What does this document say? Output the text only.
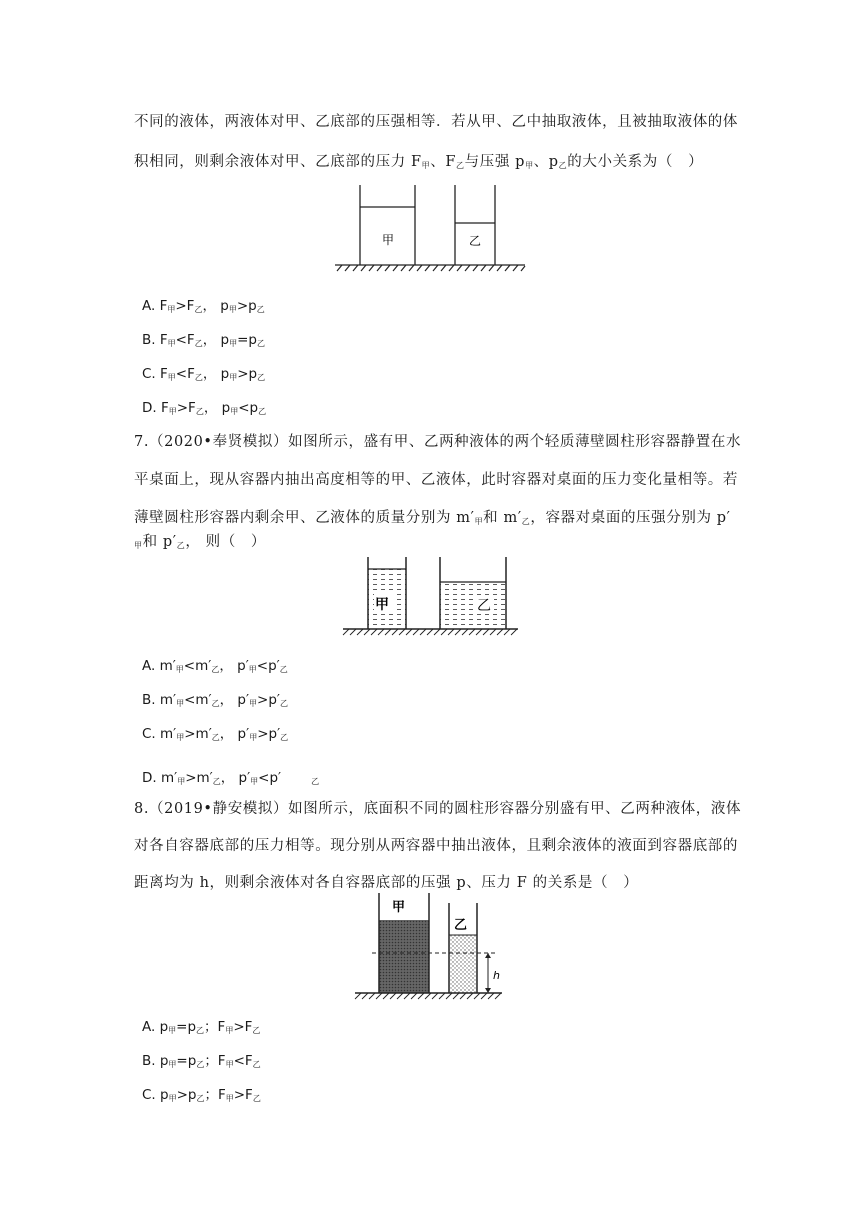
不同的液体，两液体对甲、乙底部的压强相等．若从甲、乙中抽取液体，且被抽取液体的体
积相同，则剩余液体对甲、乙底部的压力 $F_甲$、$F_乙$与压强 $p_甲$、$p_乙$的大小关系为（　）
甲	乙
A. $F_甲>F_乙$， $p_甲>p_乙$
B. $F_甲<F_乙$， $p_甲=p_乙$
C. $F_甲<F_乙$， $p_甲>p_乙$
D. $F_甲>F_乙$， $p_甲<p_乙$
7.（2020•奉贤模拟）如图所示，盛有甲、乙两种液体的两个轻质薄壁圆柱形容器静置在水
平桌面上，现从容器内抽出高度相等的甲、乙液体，此时容器对桌面的压力变化量相等。若
薄壁圆柱形容器内剩余甲、乙液体的质量分别为 $m'_甲$和 $m'_乙$，容器对桌面的压强分别为 p′
$_甲$和 $p'_乙$， 则（　）
甲	乙
A. $m'_甲<m'_乙$， $p'_甲<p'_乙$
B. $m'_甲<m'_乙$， $p'_甲>p'_乙$
C. $m'_甲>m'_乙$， $p'_甲>p'_乙$
D. $m'_甲>m'_乙$， $p'_甲<p'$	$_乙$
8.（2019•静安模拟）如图所示，底面积不同的圆柱形容器分别盛有甲、乙两种液体，液体
对各自容器底部的压力相等。现分别从两容器中抽出液体，且剩余液体的液面到容器底部的
距离均为 h，则剩余液体对各自容器底部的压强 p、压力 F 的关系是（　）
h
甲
乙
A. $p_甲=p_乙$；$F_甲>F_乙$
B. $p_甲=p_乙$；$F_甲<F_乙$
C. $p_甲>p_乙$；$F_甲>F_乙$
